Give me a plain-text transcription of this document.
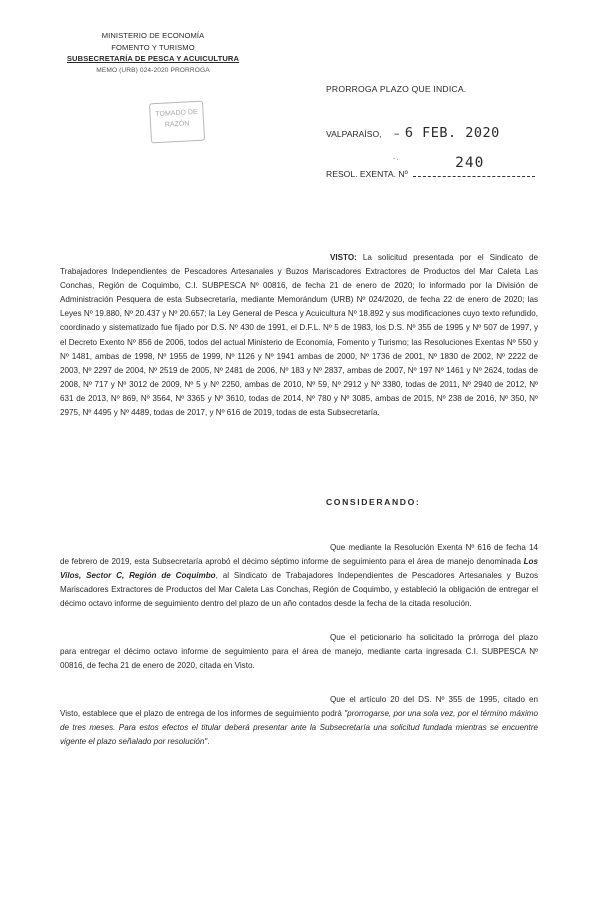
MINISTERIO DE ECONOMÍA
FOMENTO Y TURISMO
SUBSECRETARÍA DE PESCA Y ACUICULTURA
MEMO (URB) 024-2020 PRORROGA
TOMADO DE
RAZÓN
PRORROGA PLAZO QUE INDICA.
VALPARAÍSO, – 6 FEB. 2020
- .
RESOL. EXENTA. Nº
240
VISTO: La solicitud presentada por el Sindicato de Trabajadores Independientes de Pescadores Artesanales y Buzos Mariscadores Extractores de Productos del Mar Caleta Las Conchas, Región de Coquimbo, C.I. SUBPESCA Nº 00816, de fecha 21 de enero de 2020; lo informado por la División de Administración Pesquera de esta Subsecretaría, mediante Memorándum (URB) Nº 024/2020, de fecha 22 de enero de 2020; las Leyes Nº 19.880, Nº 20.437 y Nº 20.657; la Ley General de Pesca y Acuicultura Nº 18.892 y sus modificaciones cuyo texto refundido, coordinado y sistematizado fue fijado por D.S. Nº 430 de 1991, el D.F.L. Nº 5 de 1983, los D.S. Nº 355 de 1995 y Nº 507 de 1997, y el Decreto Exento Nº 856 de 2006, todos del actual Ministerio de Economía, Fomento y Turismo; las Resoluciones Exentas Nº 550 y Nº 1481, ambas de 1998, Nº 1955 de 1999, Nº 1126 y Nº 1941 ambas de 2000, Nº 1736 de 2001, Nº 1830 de 2002, Nº 2222 de 2003, Nº 2297 de 2004, Nº 2519 de 2005, Nº 2481 de 2006, Nº 183 y Nº 2837, ambas de 2007, Nº 197 Nº 1461 y Nº 2624, todas de 2008, Nº 717 y Nº 3012 de 2009, Nº 5 y Nº 2250, ambas de 2010, Nº 59, Nº 2912 y Nº 3380, todas de 2011, Nº 2940 de 2012, Nº 631 de 2013, Nº 869, Nº 3564, Nº 3365 y Nº 3610, todas de 2014, Nº 780 y Nº 3085, ambas de 2015, Nº 238 de 2016, Nº 350, Nº 2975, Nº 4495 y Nº 4489, todas de 2017, y Nº 616 de 2019, todas de esta Subsecretaría.
CONSIDERANDO:
Que mediante la Resolución Exenta Nº 616 de fecha 14 de febrero de 2019, esta Subsecretaría aprobó el décimo séptimo informe de seguimiento para el área de manejo denominada Los Vilos, Sector C, Región de Coquimbo, al Sindicato de Trabajadores Independientes de Pescadores Artesanales y Buzos Mariscadores Extractores de Productos del Mar Caleta Las Conchas, Región de Coquimbo, y estableció la obligación de entregar el décimo octavo informe de seguimiento dentro del plazo de un año contados desde la fecha de la citada resolución.
Que el peticionario ha solicitado la prórroga del plazo para entregar el décimo octavo informe de seguimiento para el área de manejo, mediante carta ingresada C.I. SUBPESCA Nº 00816, de fecha 21 de enero de 2020, citada en Visto.
Que el artículo 20 del DS. Nº 355 de 1995, citado en Visto, establece que el plazo de entrega de los informes de seguimiento podrá "prorrogarse, por una sola vez, por el término máximo de tres meses. Para estos efectos el titular deberá presentar ante la Subsecretaría una solicitud fundada mientras se encuentre vigente el plazo señalado por resolución".
